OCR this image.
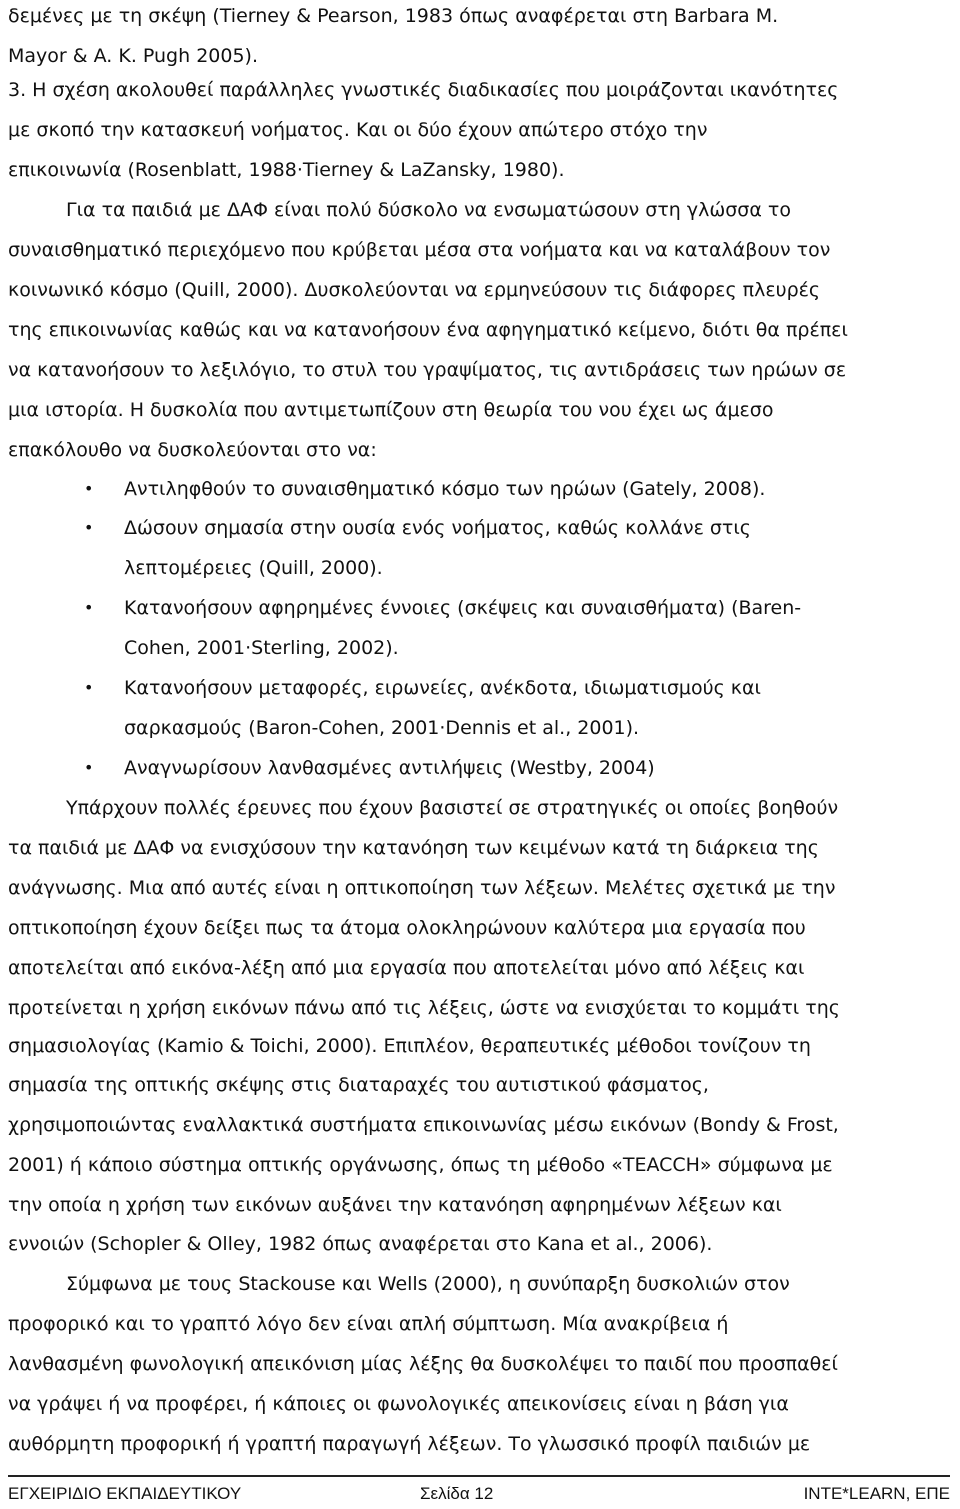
δεμένες με τη σκέψη (Tierney & Pearson, 1983 όπως αναφέρεται στη Barbara M.
Mayor & A. K. Pugh 2005).
3. Η σχέση ακολουθεί παράλληλες γνωστικές διαδικασίες που μοιράζονται ικανότητες
με σκοπό την κατασκευή νοήματος. Και οι δύο έχουν απώτερο στόχο την
επικοινωνία (Rosenblatt, 1988·Tierney & LaZansky, 1980).
Για τα παιδιά με ΔΑΦ είναι πολύ δύσκολο να ενσωματώσουν στη γλώσσα το
συναισθηματικό περιεχόμενο που κρύβεται μέσα στα νοήματα και να καταλάβουν τον
κοινωνικό κόσμο (Quill, 2000). Δυσκολεύονται να ερμηνεύσουν τις διάφορες πλευρές
της επικοινωνίας καθώς και να κατανοήσουν ένα αφηγηματικό κείμενο, διότι θα πρέπει
να κατανοήσουν το λεξιλόγιο, το στυλ του γραψίματος, τις αντιδράσεις των ηρώων σε
μια ιστορία. Η δυσκολία που αντιμετωπίζουν στη θεωρία του νου έχει ως άμεσο
επακόλουθο να δυσκολεύονται στο να:
• Αντιληφθούν το συναισθηματικό κόσμο των ηρώων (Gately, 2008).
• Δώσουν σημασία στην ουσία ενός νοήματος, καθώς κολλάνε στις
λεπτομέρειες (Quill, 2000).
• Κατανοήσουν αφηρημένες έννοιες (σκέψεις και συναισθήματα) (Baren-
Cohen, 2001·Sterling, 2002).
• Κατανοήσουν μεταφορές, ειρωνείες, ανέκδοτα, ιδιωματισμούς και
σαρκασμούς (Baron-Cohen, 2001·Dennis et al., 2001).
• Αναγνωρίσουν λανθασμένες αντιλήψεις (Westby, 2004)
Υπάρχουν πολλές έρευνες που έχουν βασιστεί σε στρατηγικές οι οποίες βοηθούν
τα παιδιά με ΔΑΦ να ενισχύσουν την κατανόηση των κειμένων κατά τη διάρκεια της
ανάγνωσης. Μια από αυτές είναι η οπτικοποίηση των λέξεων. Μελέτες σχετικά με την
οπτικοποίηση έχουν δείξει πως τα άτομα ολοκληρώνουν καλύτερα μια εργασία που
αποτελείται από εικόνα-λέξη από μια εργασία που αποτελείται μόνο από λέξεις και
προτείνεται η χρήση εικόνων πάνω από τις λέξεις, ώστε να ενισχύεται το κομμάτι της
σημασιολογίας (Kamio & Toichi, 2000). Επιπλέον, θεραπευτικές μέθοδοι τονίζουν τη
σημασία της οπτικής σκέψης στις διαταραχές του αυτιστικού φάσματος,
χρησιμοποιώντας εναλλακτικά συστήματα επικοινωνίας μέσω εικόνων (Bondy & Frost,
2001) ή κάποιο σύστημα οπτικής οργάνωσης, όπως τη μέθοδο «TEACCH» σύμφωνα με
την οποία η χρήση των εικόνων αυξάνει την κατανόηση αφηρημένων λέξεων και
εννοιών (Schopler & Olley, 1982 όπως αναφέρεται στο Kana et al., 2006).
Σύμφωνα με τους Stackouse και Wells (2000), η συνύπαρξη δυσκολιών στον
προφορικό και το γραπτό λόγο δεν είναι απλή σύμπτωση. Μία ανακρίβεια ή
λανθασμένη φωνολογική απεικόνιση μίας λέξης θα δυσκολέψει το παιδί που προσπαθεί
να γράψει ή να προφέρει, ή κάποιες οι φωνολογικές απεικονίσεις είναι η βάση για
αυθόρμητη προφορική ή γραπτή παραγωγή λέξεων. Το γλωσσικό προφίλ παιδιών με
ΕΓΧΕΙΡΙΔΙΟ ΕΚΠΑΙΔΕΥΤΙΚΟΥ	Σελίδα 12	INTE*LEARN, ΕΠΕ
